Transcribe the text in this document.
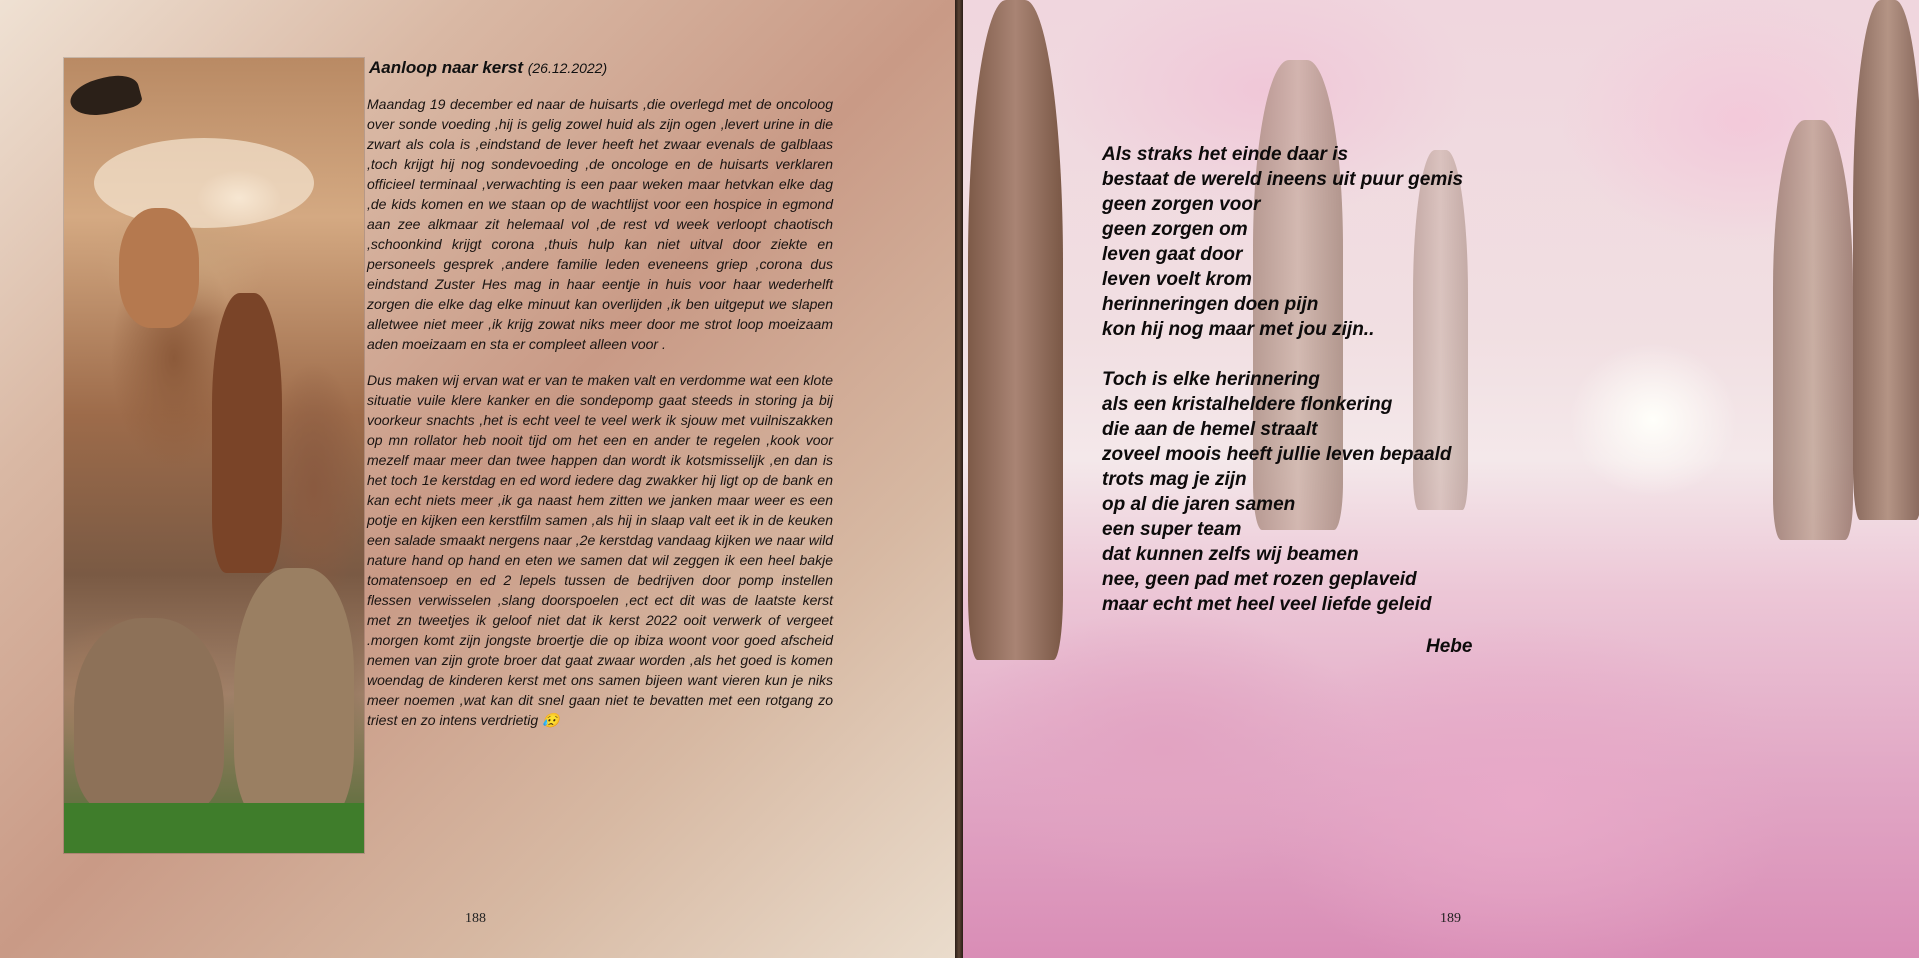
Aanloop naar kerst (26.12.2022)

Maandag 19 december ed naar de huisarts ,die overlegd met de oncoloog over sonde voeding ,hij is gelig zowel huid als zijn ogen ,levert urine in die zwart als cola is ,eindstand de lever heeft het zwaar evenals de galblaas ,toch krijgt hij nog sondevoeding ,de oncologe en de huisarts verklaren officieel terminaal ,verwachting is een paar weken maar hetvkan elke dag ,de kids komen en we staan op de wachtlijst voor een hospice in egmond aan zee alkmaar zit helemaal vol ,de rest vd week verloopt chaotisch ,schoonkind krijgt corona ,thuis hulp kan niet uitval door ziekte en personeels gesprek ,andere familie leden eveneens griep ,corona dus eindstand Zuster Hes mag in haar eentje in huis voor haar wederhelft zorgen die elke dag elke minuut kan overlijden ,ik ben uitgeput we slapen alletwee niet meer ,ik krijg zowat niks meer door me strot loop moeizaam aden moeizaam en sta er compleet alleen voor .

Dus maken wij ervan wat er van te maken valt en verdomme wat een klote situatie vuile klere kanker en die sondepomp gaat steeds in storing ja bij voorkeur snachts ,het is echt veel te veel werk ik sjouw met vuilniszakken op mn rollator heb nooit tijd om het een en ander te regelen ,kook voor mezelf maar meer dan twee happen dan wordt ik kotsmisselijk ,en dan is het toch 1e kerstdag en ed word iedere dag zwakker hij ligt op de bank en kan echt niets meer ,ik ga naast hem zitten we janken maar weer es een potje en kijken een kerstfilm samen ,als hij in slaap valt eet ik in de keuken een salade smaakt nergens naar ,2e kerstdag vandaag kijken we naar wild nature hand op hand en eten we samen dat wil zeggen ik een heel bakje tomatensoep en ed 2 lepels tussen de bedrijven door pomp instellen flessen verwisselen ,slang doorspoelen ,ect ect dit was de laatste kerst met zn tweetjes ik geloof niet dat ik kerst 2022 ooit verwerk of vergeet .morgen komt zijn jongste broertje die op ibiza woont voor goed afscheid nemen van zijn grote broer dat gaat zwaar worden ,als het goed is komen woendag de kinderen kerst met ons samen bijeen want vieren kun je niks meer noemen ,wat kan dit snel gaan niet te bevatten met een rotgang zo triest en zo intens verdrietig 😥

188
Als straks het einde daar is
bestaat de wereld ineens uit puur gemis
geen zorgen voor
geen zorgen om
leven gaat door
leven voelt krom
herinneringen doen pijn
kon hij nog maar met jou zijn..
Toch is elke herinnering
als een kristalheldere flonkering
die aan de hemel straalt
zoveel moois heeft jullie leven bepaald
trots mag je zijn
op al die jaren samen
een super team
dat kunnen zelfs wij beamen
nee, geen pad met rozen geplaveid
maar echt met heel veel liefde geleid
Hebe
189
